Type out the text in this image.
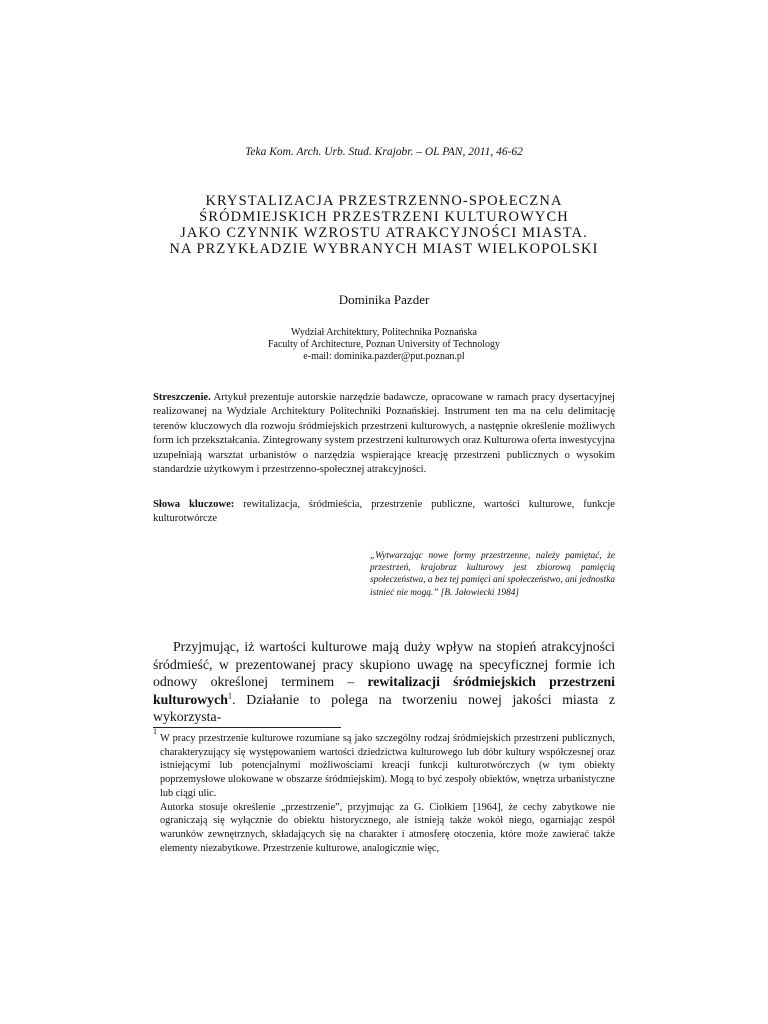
Teka Kom. Arch. Urb. Stud. Krajobr. – OL PAN, 2011, 46-62
KRYSTALIZACJA PRZESTRZENNO-SPOŁECZNA
ŚRÓDMIEJSKICH PRZESTRZENI KULTUROWYCH
JAKO CZYNNIK WZROSTU ATRAKCYJNOŚCI MIASTA.
NA PRZYKŁADZIE WYBRANYCH MIAST WIELKOPOLSKI
Dominika Pazder
Wydział Architektury, Politechnika Poznańska
Faculty of Architecture, Poznan University of Technology
e-mail: dominika.pazder@put.poznan.pl
Streszczenie. Artykuł prezentuje autorskie narzędzie badawcze, opracowane w ramach pracy dysertacyjnej realizowanej na Wydziale Architektury Politechniki Poznańskiej. Instrument ten ma na celu delimitację terenów kluczowych dla rozwoju śródmiejskich przestrzeni kulturowych, a następnie określenie możliwych form ich przekształcania. Zintegrowany system przestrzeni kulturowych oraz Kulturowa oferta inwestycyjna uzupełniają warsztat urbanistów o narzędzia wspierające kreację przestrzeni publicznych o wysokim standardzie użytkowym i przestrzenno-społecznej atrakcyjności.
Słowa kluczowe: rewitalizacja, śródmieścia, przestrzenie publiczne, wartości kulturowe, funkcje kulturotwórcze
„Wytwarzając nowe formy przestrzenne, należy pamiętać, że przestrzeń, krajobraz kulturowy jest zbiorową pamięcią społeczeństwa, a bez tej pamięci ani społeczeństwo, ani jednostka istnieć nie mogą.” [B. Jałowiecki 1984]
Przyjmując, iż wartości kulturowe mają duży wpływ na stopień atrakcyjności śródmieść, w prezentowanej pracy skupiono uwagę na specyficznej formie ich odnowy określonej terminem – rewitalizacji śródmiejskich przestrzeni kulturowych$^1$. Działanie to polega na tworzeniu nowej jakości miasta z wykorzysta-
1
W pracy przestrzenie kulturowe rozumiane są jako szczególny rodzaj śródmiejskich przestrzeni publicznych, charakteryzujący się występowaniem wartości dziedzictwa kulturowego lub dóbr kultury współczesnej oraz istniejącymi lub potencjalnymi możliwościami kreacji funkcji kulturotwórczych (w tym obiekty poprzemysłowe ulokowane w obszarze śródmiejskim). Mogą to być zespoły obiektów, wnętrza urbanistyczne lub ciągi ulic.
Autorka stosuje określenie „przestrzenie”, przyjmując za G. Ciołkiem [1964], że cechy zabytkowe nie ograniczają się wyłącznie do obiektu historycznego, ale istnieją także wokół niego, ogarniając zespół warunków zewnętrznych, składających się na charakter i atmosferę otoczenia, które może zawierać także elementy niezabytkowe. Przestrzenie kulturowe, analogicznie więc,
